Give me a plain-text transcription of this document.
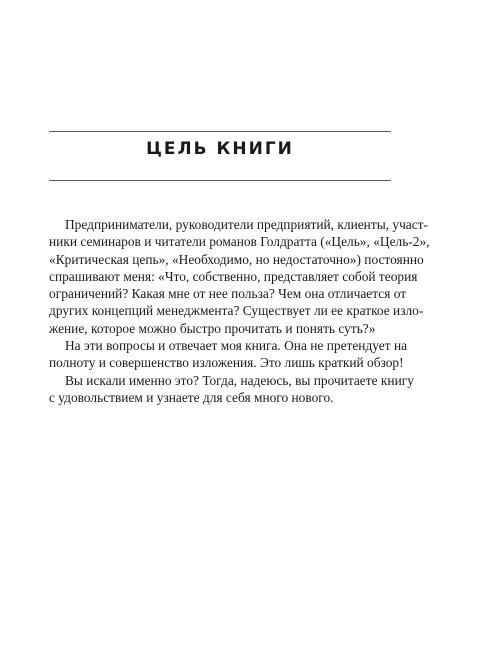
ЦЕЛЬ КНИГИ

Предприниматели, руководители предприятий, клиенты, участ-
ники семинаров и читатели романов Голдратта («Цель», «Цель-2»,
«Критическая цепь», «Необходимо, но недостаточно») постоянно
спрашивают меня: «Что, собственно, представляет собой теория
ограничений? Какая мне от нее польза? Чем она отличается от
других концепций менеджмента? Существует ли ее краткое изло-
жение, которое можно быстро прочитать и понять суть?»

На эти вопросы и отвечает моя книга. Она не претендует на
полноту и совершенство изложения. Это лишь краткий обзор!

Вы искали именно это? Тогда, надеюсь, вы прочитаете книгу
с удовольствием и узнаете для себя много нового.
